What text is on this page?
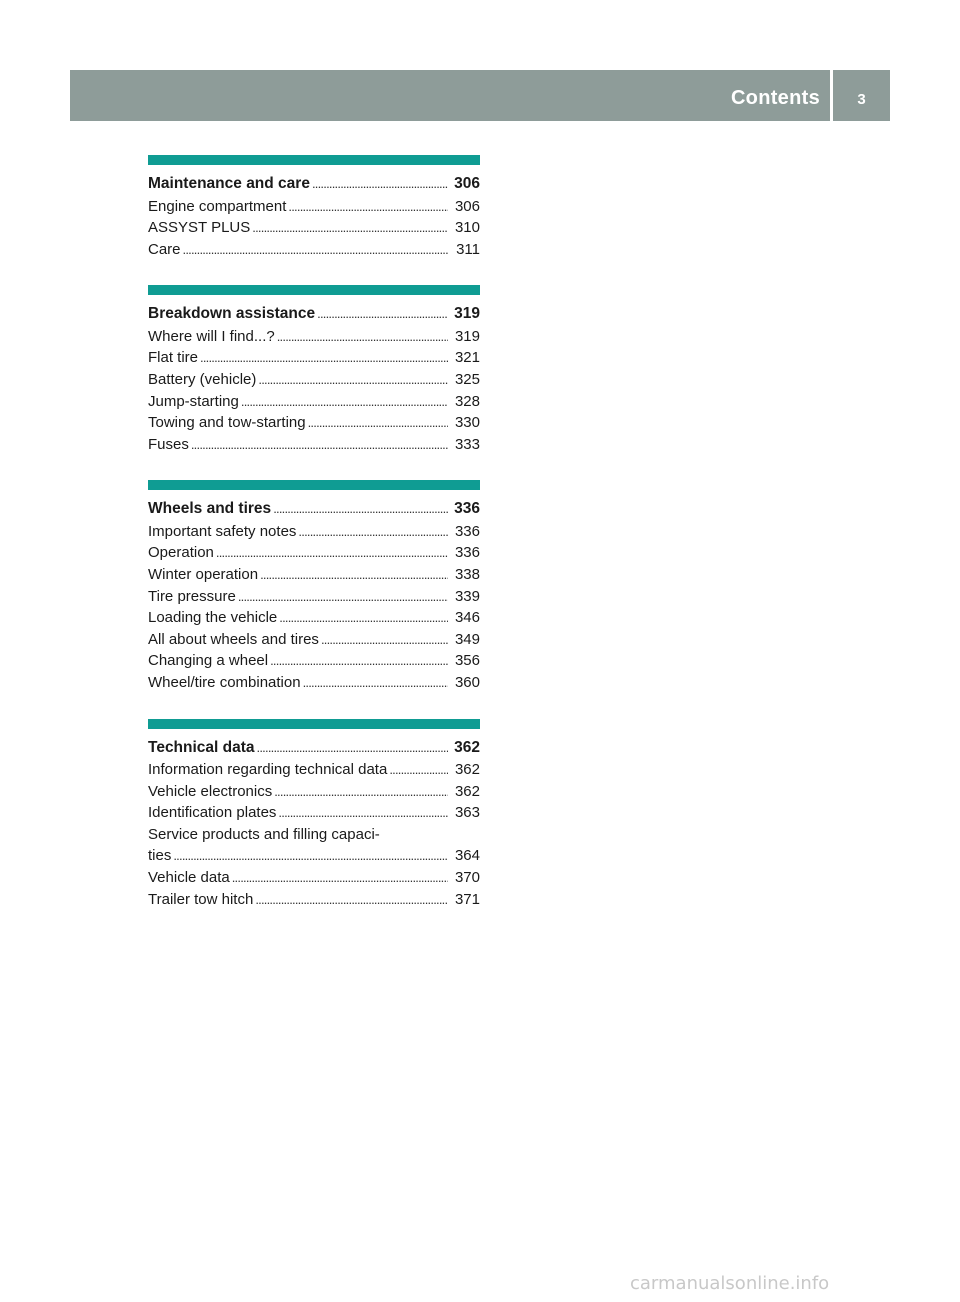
Contents	3
Maintenance and care . . .	306
Engine compartment . . .	306
ASSYST PLUS . . .	310
Care . . .	311
Breakdown assistance . . .	319
Where will I find...? . . .	319
Flat tire . . .	321
Battery (vehicle) . . .	325
Jump-starting . . .	328
Towing and tow-starting . . .	330
Fuses . . .	333
Wheels and tires . . .	336
Important safety notes . . .	336
Operation . . .	336
Winter operation . . .	338
Tire pressure . . .	339
Loading the vehicle . . .	346
All about wheels and tires . . .	349
Changing a wheel . . .	356
Wheel/tire combination . . .	360
Technical data . . .	362
Information regarding technical data . . .	362
Vehicle electronics . . .	362
Identification plates . . .	363
Service products and filling capaci-
ties . . .	364
Vehicle data . . .	370
Trailer tow hitch . . .	371
carmanualsonline.info
